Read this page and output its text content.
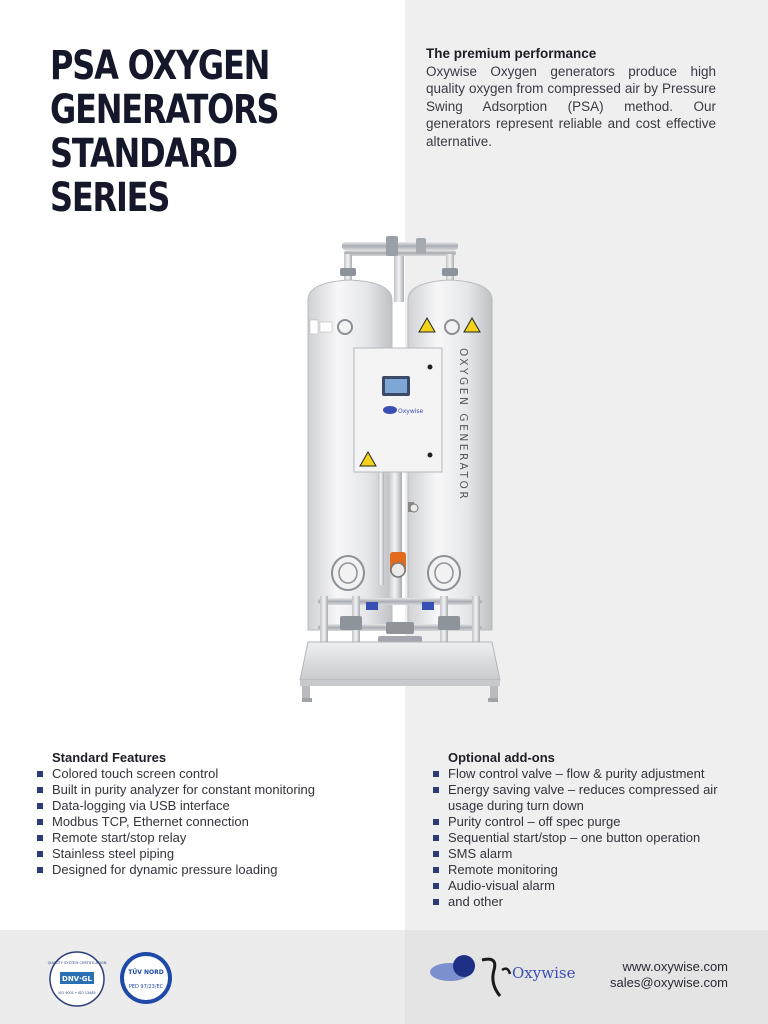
PSA OXYGEN
GENERATORS
STANDARD
SERIES
The premium performance

Oxywise Oxygen generators produce high quality oxygen from compressed air by Pressure Swing Adsorption (PSA) method. Our generators represent reliable and cost effective alternative.

Oxywise	OXYGEN GENERATOR
Standard Features
Colored touch screen control
Built in purity analyzer for constant monitoring
Data-logging via USB interface
Modbus TCP, Ethernet connection
Remote start/stop relay
Stainless steel piping
Designed for dynamic pressure loading
Optional add-ons
Flow control valve – flow & purity adjustment
Energy saving valve – reduces compressed air usage during turn down
Purity control – off spec purge
Sequential start/stop – one button operation
SMS alarm
Remote monitoring
Audio-visual alarm
and other
QUALITY SYSTEM CERTIFICATION
DNV·GL
ISO 9001 • ISO 13485
TÜV NORD
PED 97/23/EC
Oxywise	www.oxywise.com
sales@oxywise.com
